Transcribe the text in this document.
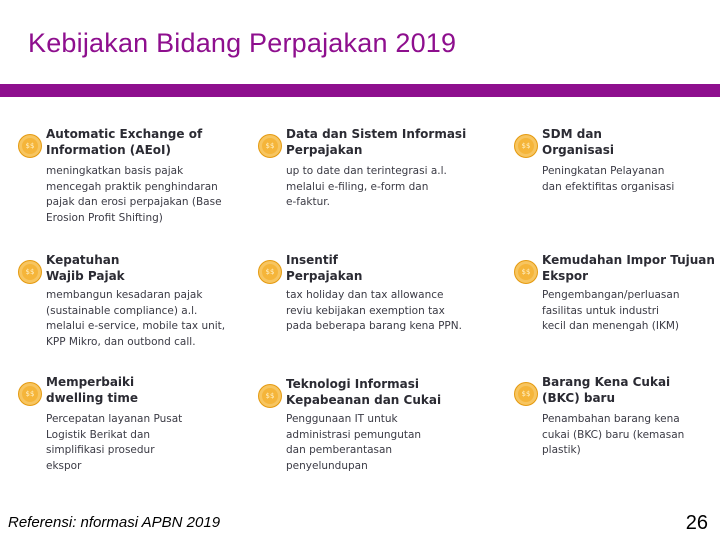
Kebijakan Bidang Perpajakan 2019
$$
Automatic Exchange of
Information (AEoI)
meningkatkan basis pajak
mencegah praktik penghindaran
pajak dan erosi perpajakan (Base
Erosion Profit Shifting)
$$
Data dan Sistem Informasi
Perpajakan
up to date dan terintegrasi a.l.
melalui e-filing, e-form dan
e-faktur.
$$
SDM dan
Organisasi
Peningkatan Pelayanan
dan efektifitas organisasi
$$
Kepatuhan
Wajib Pajak
membangun kesadaran pajak
(sustainable compliance) a.l.
melalui e-service, mobile tax unit,
KPP Mikro, dan outbond call.
$$
Insentif
Perpajakan
tax holiday dan tax allowance
reviu kebijakan exemption tax
pada beberapa barang kena PPN.
$$
Kemudahan Impor Tujuan
Ekspor
Pengembangan/perluasan
fasilitas untuk industri
kecil dan menengah (IKM)
$$
Memperbaiki
dwelling time
Percepatan layanan Pusat
Logistik Berikat dan
simplifikasi prosedur
ekspor
$$
Teknologi Informasi
Kepabeanan dan Cukai
Penggunaan IT untuk
administrasi pemungutan
dan pemberantasan
penyelundupan
$$
Barang Kena Cukai
(BKC) baru
Penambahan barang kena
cukai (BKC) baru (kemasan
plastik)
Referensi: nformasi APBN 2019	26
